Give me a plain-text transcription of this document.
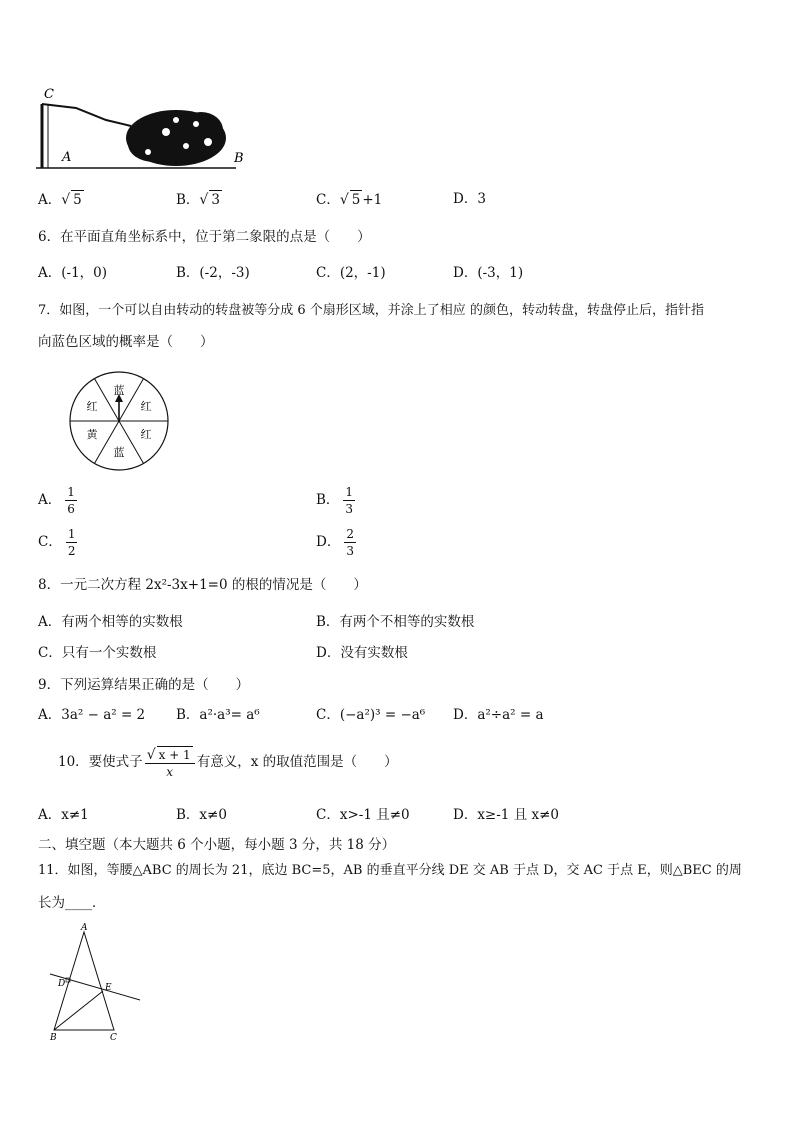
C
A	B
A．√ 5	B．√ 3	C．√ 5 +1	D．3
6．在平面直角坐标系中，位于第二象限的点是（　　）
A．(-1，0)	B．(-2，-3)	C．(2，-1)	D．(-3，1)
7．如图，一个可以自由转动的转盘被等分成 6 个扇形区域，并涂上了相应 的颜色，转动转盘，转盘停止后，指针指
向蓝色区域的概率是（　　）
蓝
红
红
蓝
黄
红
A． $\frac{1}{6}$	B． $\frac{1}{3}$
C． $\frac{1}{2}$	D． $\frac{2}{3}$
8．一元二次方程 2x²-3x+1=0 的根的情况是（　　）
A．有两个相等的实数根	B．有两个不相等的实数根
C．只有一个实数根	D．没有实数根
9．下列运算结果正确的是（　　）
A．3a² − a² = 2 B．a²·a³= a⁶	C．(−a²)³ = −a⁶ D．a²÷a² = a
10．要使式子 $\frac{√ x + 1}{x}$ 有意义，x 的取值范围是（　　）
A．x≠1	B．x≠0	C．x>-1 且≠0	D．x≥-1 且 x≠0
二、填空题（本大题共 6 个小题，每小题 3 分，共 18 分）
11．如图，等腰△ABC 的周长为 21，底边 BC=5，AB 的垂直平分线 DE 交 AB 于点 D，交 AC 于点 E，则△BEC 的周
长为____．
A
D	E
B	C
